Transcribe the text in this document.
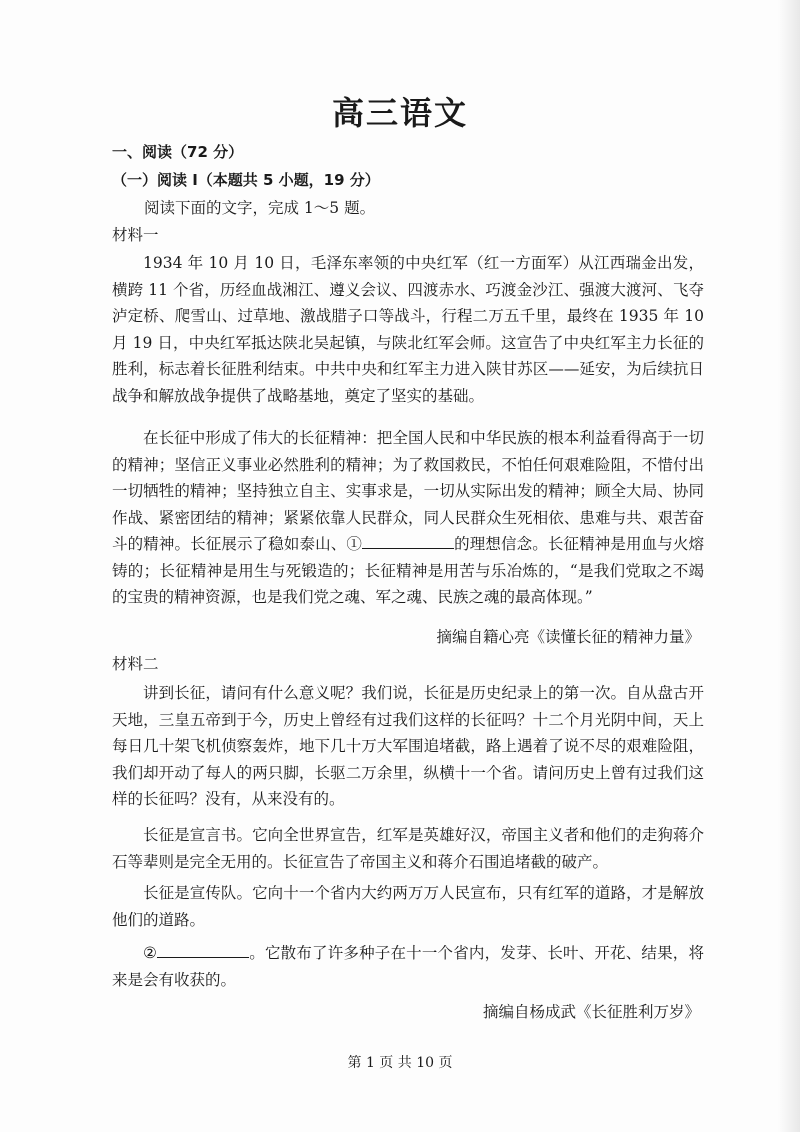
高三语文
一、阅读（72 分）
（一）阅读 I（本题共 5 小题，19 分）
阅读下面的文字，完成 1～5 题。
材料一

1934 年 10 月 10 日，毛泽东率领的中央红军（红一方面军）从江西瑞金出发，横跨 11 个省，历经血战湘江、遵义会议、四渡赤水、巧渡金沙江、强渡大渡河、飞夺泸定桥、爬雪山、过草地、激战腊子口等战斗，行程二万五千里，最终在 1935 年 10 月 19 日，中央红军抵达陕北吴起镇，与陕北红军会师。这宣告了中央红军主力长征的胜利，标志着长征胜利结束。中共中央和红军主力进入陕甘苏区——延安，为后续抗日战争和解放战争提供了战略基地，奠定了坚实的基础。

在长征中形成了伟大的长征精神：把全国人民和中华民族的根本利益看得高于一切的精神；坚信正义事业必然胜利的精神；为了救国救民，不怕任何艰难险阻，不惜付出一切牺牲的精神；坚持独立自主、实事求是，一切从实际出发的精神；顾全大局、协同作战、紧密团结的精神；紧紧依靠人民群众，同人民群众生死相依、患难与共、艰苦奋斗的精神。长征展示了稳如泰山、①	的理想信念。长征精神是用血与火熔铸的；长征精神是用生与死锻造的；长征精神是用苦与乐冶炼的，“是我们党取之不竭的宝贵的精神资源，也是我们党之魂、军之魂、民族之魂的最高体现。”

摘编自籍心亮《读懂长征的精神力量》
材料二

讲到长征，请问有什么意义呢？我们说，长征是历史纪录上的第一次。自从盘古开天地，三皇五帝到于今，历史上曾经有过我们这样的长征吗？十二个月光阴中间，天上每日几十架飞机侦察轰炸，地下几十万大军围追堵截，路上遇着了说不尽的艰难险阻，我们却开动了每人的两只脚，长驱二万余里，纵横十一个省。请问历史上曾有过我们这样的长征吗？没有，从来没有的。

长征是宣言书。它向全世界宣告，红军是英雄好汉，帝国主义者和他们的走狗蒋介石等辈则是完全无用的。长征宣告了帝国主义和蒋介石围追堵截的破产。

长征是宣传队。它向十一个省内大约两万万人民宣布，只有红军的道路，才是解放他们的道路。

②	。它散布了许多种子在十一个省内，发芽、长叶、开花、结果，将来是会有收获的。

摘编自杨成武《长征胜利万岁》
第 1 页 共 10 页
